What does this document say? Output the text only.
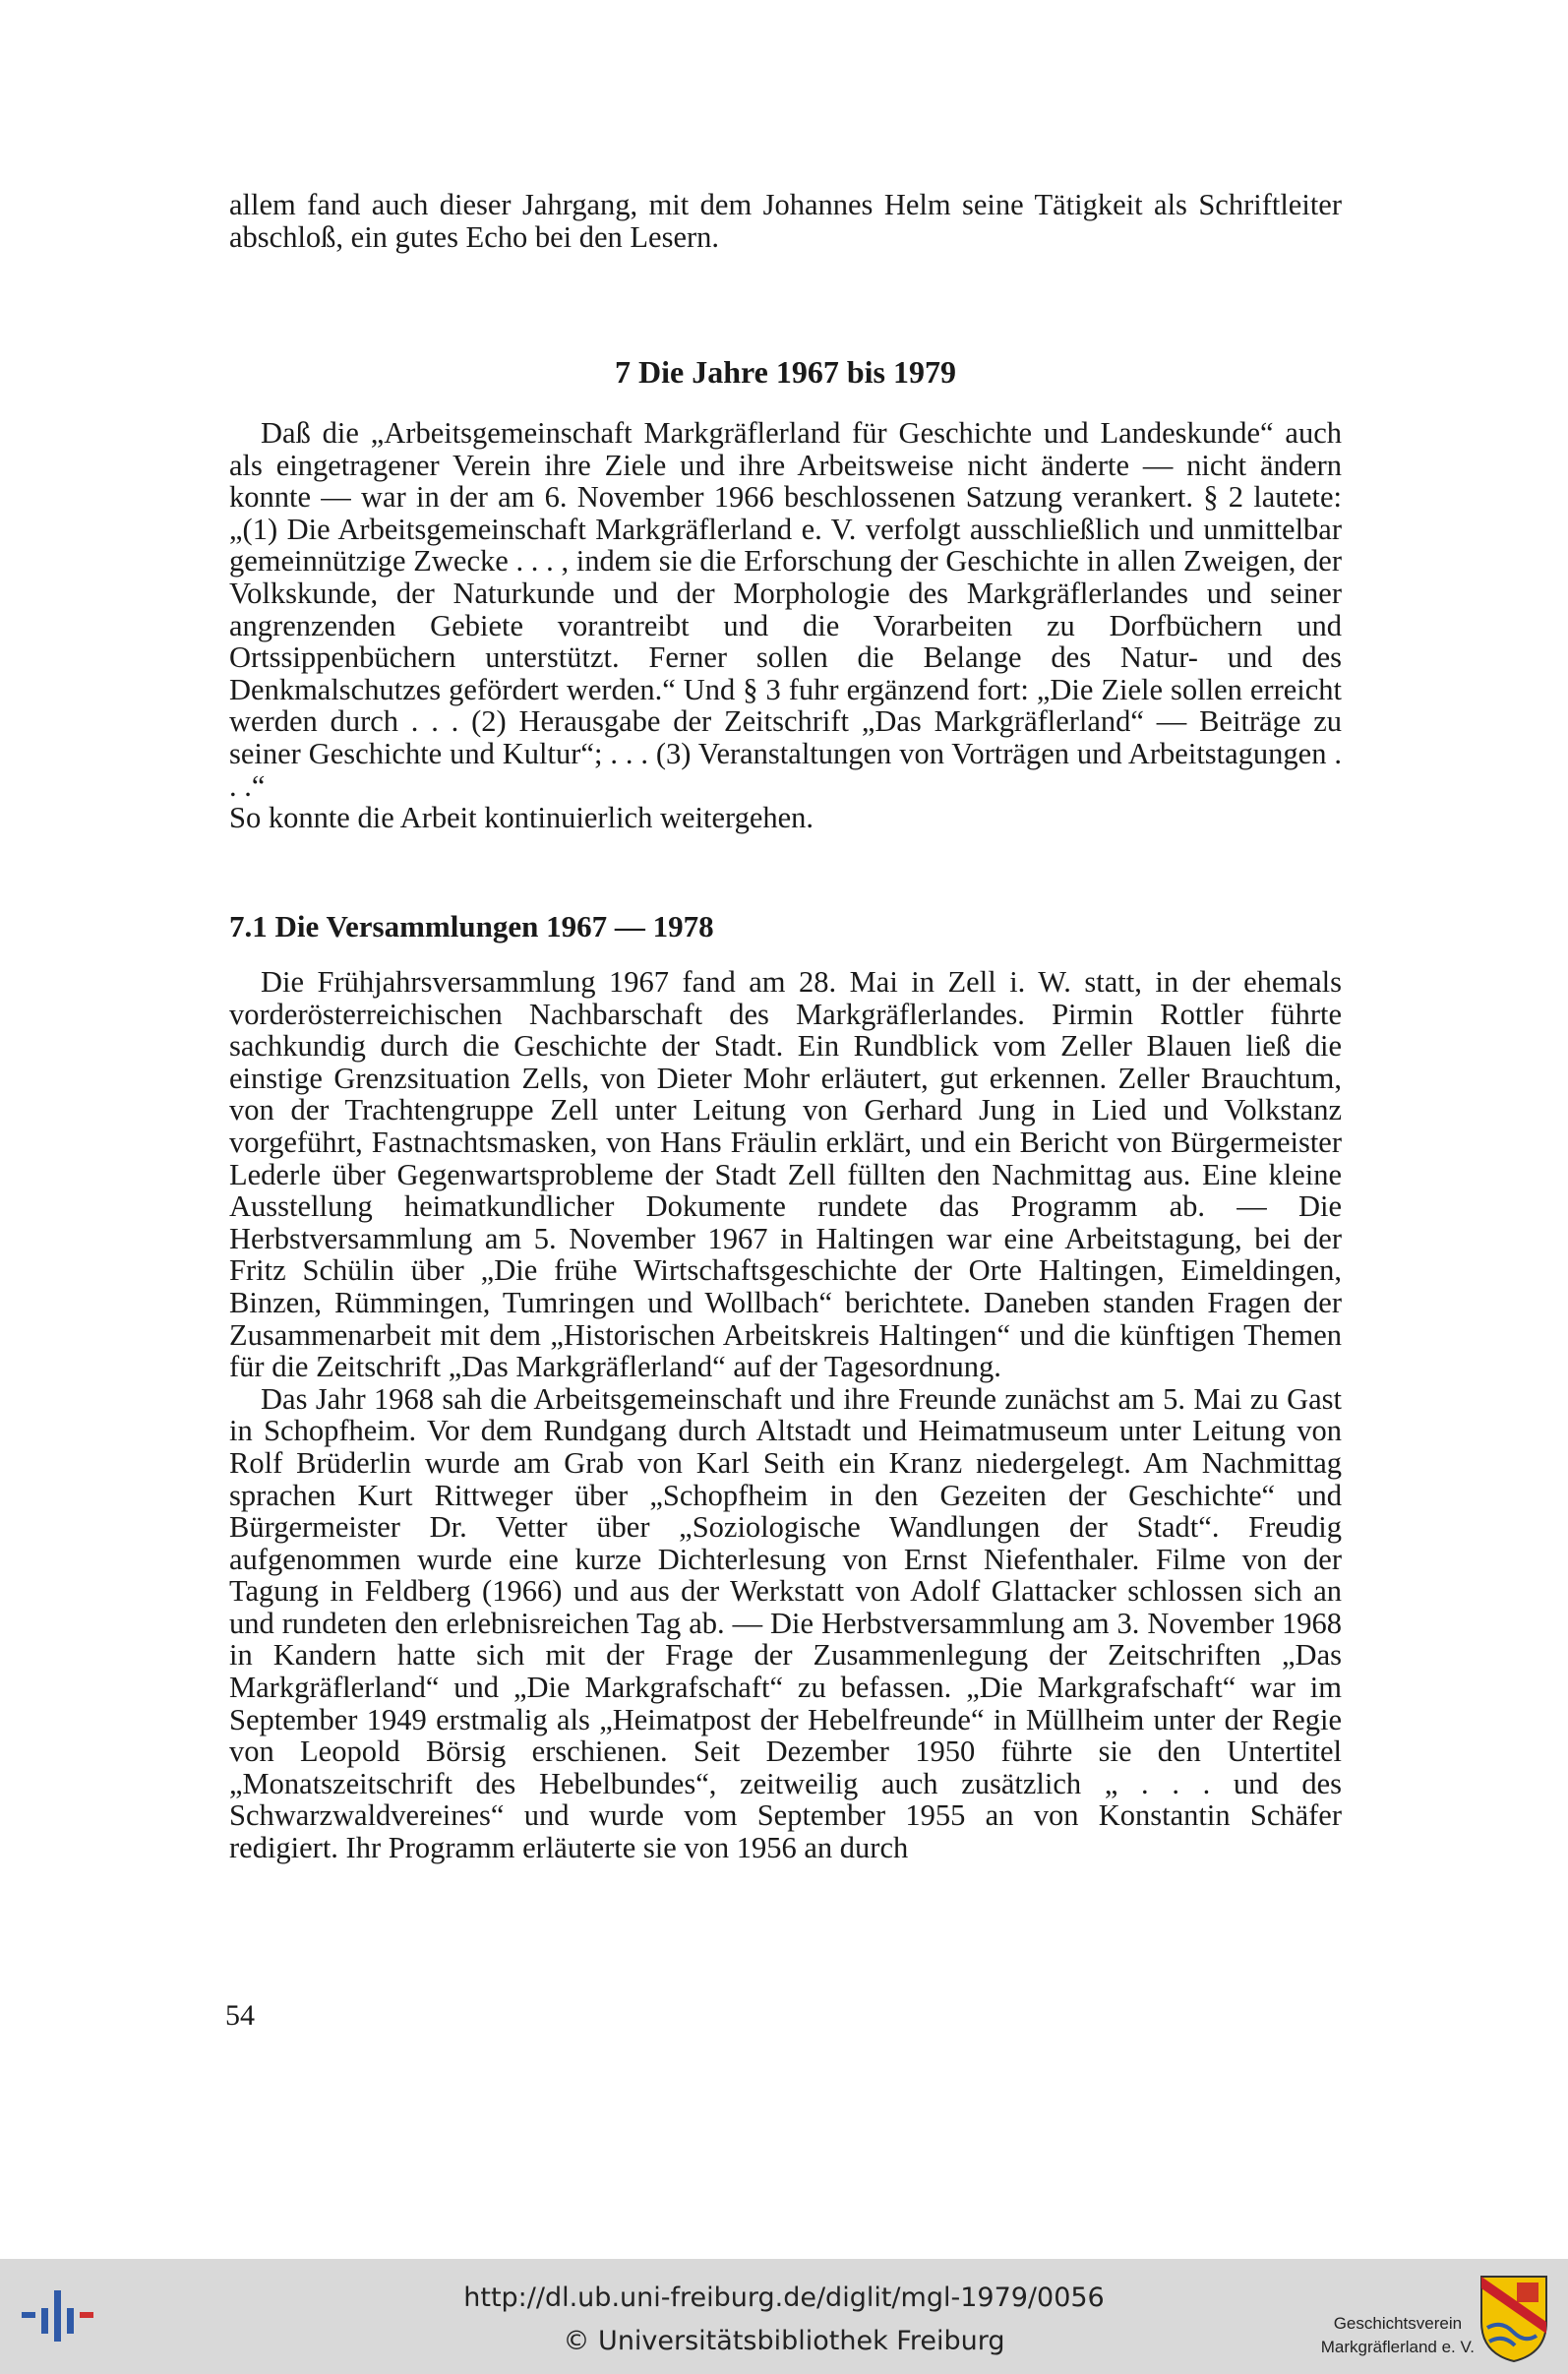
allem fand auch dieser Jahrgang, mit dem Johannes Helm seine Tätigkeit als Schriftleiter abschloß, ein gutes Echo bei den Lesern.

7 Die Jahre 1967 bis 1979

Daß die „Arbeitsgemeinschaft Markgräflerland für Geschichte und Landeskunde“ auch als eingetragener Verein ihre Ziele und ihre Arbeitsweise nicht änderte — nicht ändern konnte — war in der am 6. November 1966 beschlossenen Satzung verankert. § 2 lautete: „(1) Die Arbeitsgemeinschaft Markgräflerland e. V. verfolgt ausschließlich und unmittelbar gemeinnützige Zwecke . . . , indem sie die Erforschung der Geschichte in allen Zweigen, der Volkskunde, der Naturkunde und der Morphologie des Markgräflerlandes und seiner angrenzenden Gebiete vorantreibt und die Vorarbeiten zu Dorfbüchern und Ortssippenbüchern unterstützt. Ferner sollen die Belange des Natur- und des Denkmalschutzes gefördert werden.“ Und § 3 fuhr ergänzend fort: „Die Ziele sollen erreicht werden durch . . . (2) Herausgabe der Zeitschrift „Das Markgräflerland“ — Beiträge zu seiner Geschichte und Kultur“; . . . (3) Veranstaltungen von Vorträgen und Arbeitstagungen . . .“

So konnte die Arbeit kontinuierlich weitergehen.

7.1 Die Versammlungen 1967 — 1978

Die Frühjahrsversammlung 1967 fand am 28. Mai in Zell i. W. statt, in der ehemals vorderösterreichischen Nachbarschaft des Markgräflerlandes. Pirmin Rottler führte sachkundig durch die Geschichte der Stadt. Ein Rundblick vom Zeller Blauen ließ die einstige Grenzsituation Zells, von Dieter Mohr erläutert, gut erkennen. Zeller Brauchtum, von der Trachtengruppe Zell unter Leitung von Gerhard Jung in Lied und Volkstanz vorgeführt, Fastnachtsmasken, von Hans Fräulin erklärt, und ein Bericht von Bürgermeister Lederle über Gegenwartsprobleme der Stadt Zell füllten den Nachmittag aus. Eine kleine Ausstellung heimatkundlicher Dokumente rundete das Programm ab. — Die Herbstversammlung am 5. November 1967 in Haltingen war eine Arbeitstagung, bei der Fritz Schülin über „Die frühe Wirtschaftsgeschichte der Orte Haltingen, Eimeldingen, Binzen, Rümmingen, Tumringen und Wollbach“ berichtete. Daneben standen Fragen der Zusammenarbeit mit dem „Historischen Arbeitskreis Haltingen“ und die künftigen Themen für die Zeitschrift „Das Markgräflerland“ auf der Tagesordnung.

Das Jahr 1968 sah die Arbeitsgemeinschaft und ihre Freunde zunächst am 5. Mai zu Gast in Schopfheim. Vor dem Rundgang durch Altstadt und Heimatmuseum unter Leitung von Rolf Brüderlin wurde am Grab von Karl Seith ein Kranz niedergelegt. Am Nachmittag sprachen Kurt Rittweger über „Schopfheim in den Gezeiten der Geschichte“ und Bürgermeister Dr. Vetter über „Soziologische Wandlungen der Stadt“. Freudig aufgenommen wurde eine kurze Dichterlesung von Ernst Niefenthaler. Filme von der Tagung in Feldberg (1966) und aus der Werkstatt von Adolf Glattacker schlossen sich an und rundeten den erlebnisreichen Tag ab. — Die Herbstversammlung am 3. November 1968 in Kandern hatte sich mit der Frage der Zusammenlegung der Zeitschriften „Das Markgräflerland“ und „Die Markgrafschaft“ zu befassen. „Die Markgrafschaft“ war im September 1949 erstmalig als „Heimatpost der Hebelfreunde“ in Müllheim unter der Regie von Leopold Börsig erschienen. Seit Dezember 1950 führte sie den Untertitel „Monatszeitschrift des Hebelbundes“, zeitweilig auch zusätzlich „ . . . und des Schwarzwaldvereines“ und wurde vom September 1955 an von Konstantin Schäfer redigiert. Ihr Programm erläuterte sie von 1956 an durch

54
http://dl.ub.uni-freiburg.de/diglit/mgl-1979/0056
© Universitätsbibliothek Freiburg
Geschichtsverein
Markgräflerland e. V.
